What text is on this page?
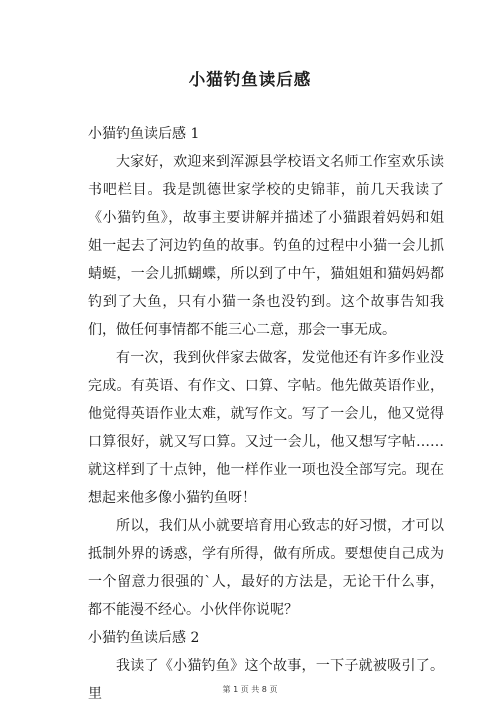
小猫钓鱼读后感

小猫钓鱼读后感 1

大家好，欢迎来到浑源县学校语文名师工作室欢乐读书吧栏目。我是凯德世家学校的史锦菲，前几天我读了《小猫钓鱼》，故事主要讲解并描述了小猫跟着妈妈和姐姐一起去了河边钓鱼的故事。钓鱼的过程中小猫一会儿抓蜻蜓，一会儿抓蝴蝶，所以到了中午，猫姐姐和猫妈妈都钓到了大鱼，只有小猫一条也没钓到。这个故事告知我们，做任何事情都不能三心二意，那会一事无成。

有一次，我到伙伴家去做客，发觉他还有许多作业没完成。有英语、有作文、口算、字帖。他先做英语作业，他觉得英语作业太难，就写作文。写了一会儿，他又觉得口算很好，就又写口算。又过一会儿，他又想写字帖……就这样到了十点钟，他一样作业一项也没全部写完。现在想起来他多像小猫钓鱼呀！

所以，我们从小就要培育用心致志的好习惯，才可以抵制外界的诱惑，学有所得，做有所成。要想使自己成为一个留意力很强的`人，最好的方法是，无论干什么事，都不能漫不经心。小伙伴你说呢？

小猫钓鱼读后感 2

我读了《小猫钓鱼》这个故事，一下子就被吸引了。里	第 1 页 共 8 页
